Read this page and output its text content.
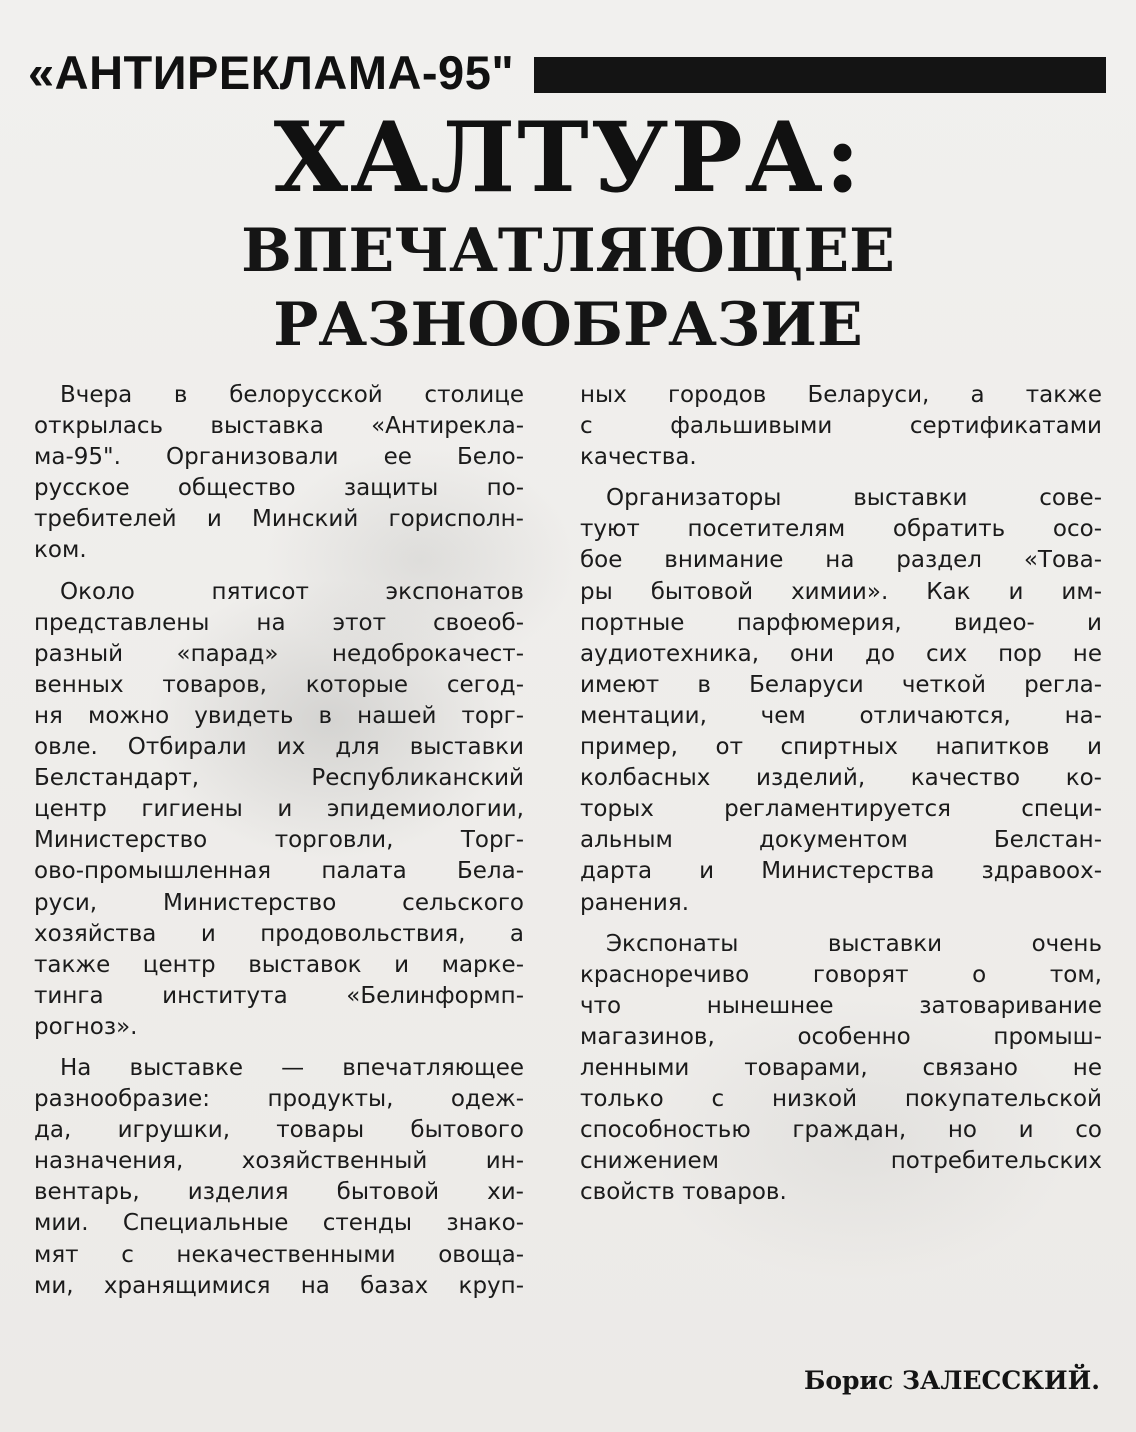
«АНТИРЕКЛАМА-95"
ХАЛТУРА:
ВПЕЧАТЛЯЮЩЕЕ
РАЗНООБРАЗИЕ

Вчера в белорусской столице
открылась выставка «Антирекла-
ма-95". Организовали ее Бело-
русское общество защиты по-
требителей и Минский горисполн-
ком.

Около пятисот экспонатов
представлены на этот своеоб-
разный «парад» недоброкачест-
венных товаров, которые сегод-
ня можно увидеть в нашей торг-
овле. Отбирали их для выставки
Белстандарт, Республиканский
центр гигиены и эпидемиологии,
Министерство торговли, Торг-
ово-промышленная палата Бела-
руси, Министерство сельского
хозяйства и продовольствия, а
также центр выставок и марке-
тинга института «Белинформп-
рогноз».

На выставке — впечатляющее
разнообразие: продукты, одеж-
да, игрушки, товары бытового
назначения, хозяйственный ин-
вентарь, изделия бытовой хи-
мии. Специальные стенды знако-
мят с некачественными овоща-
ми, хранящимися на базах круп-

ных городов Беларуси, а также
с фальшивыми сертификатами
качества.

Организаторы выставки сове-
туют посетителям обратить осо-
бое внимание на раздел «Това-
ры бытовой химии». Как и им-
портные парфюмерия, видео- и
аудиотехника, они до сих пор не
имеют в Беларуси четкой регла-
ментации, чем отличаются, на-
пример, от спиртных напитков и
колбасных изделий, качество ко-
торых регламентируется специ-
альным документом Белстан-
дарта и Министерства здравоох-
ранения.

Экспонаты выставки очень
красноречиво говорят о том,
что нынешнее затоваривание
магазинов, особенно промыш-
ленными товарами, связано не
только с низкой покупательской
способностью граждан, но и со
снижением потребительских
свойств товаров.

Борис ЗАЛЕССКИЙ.
